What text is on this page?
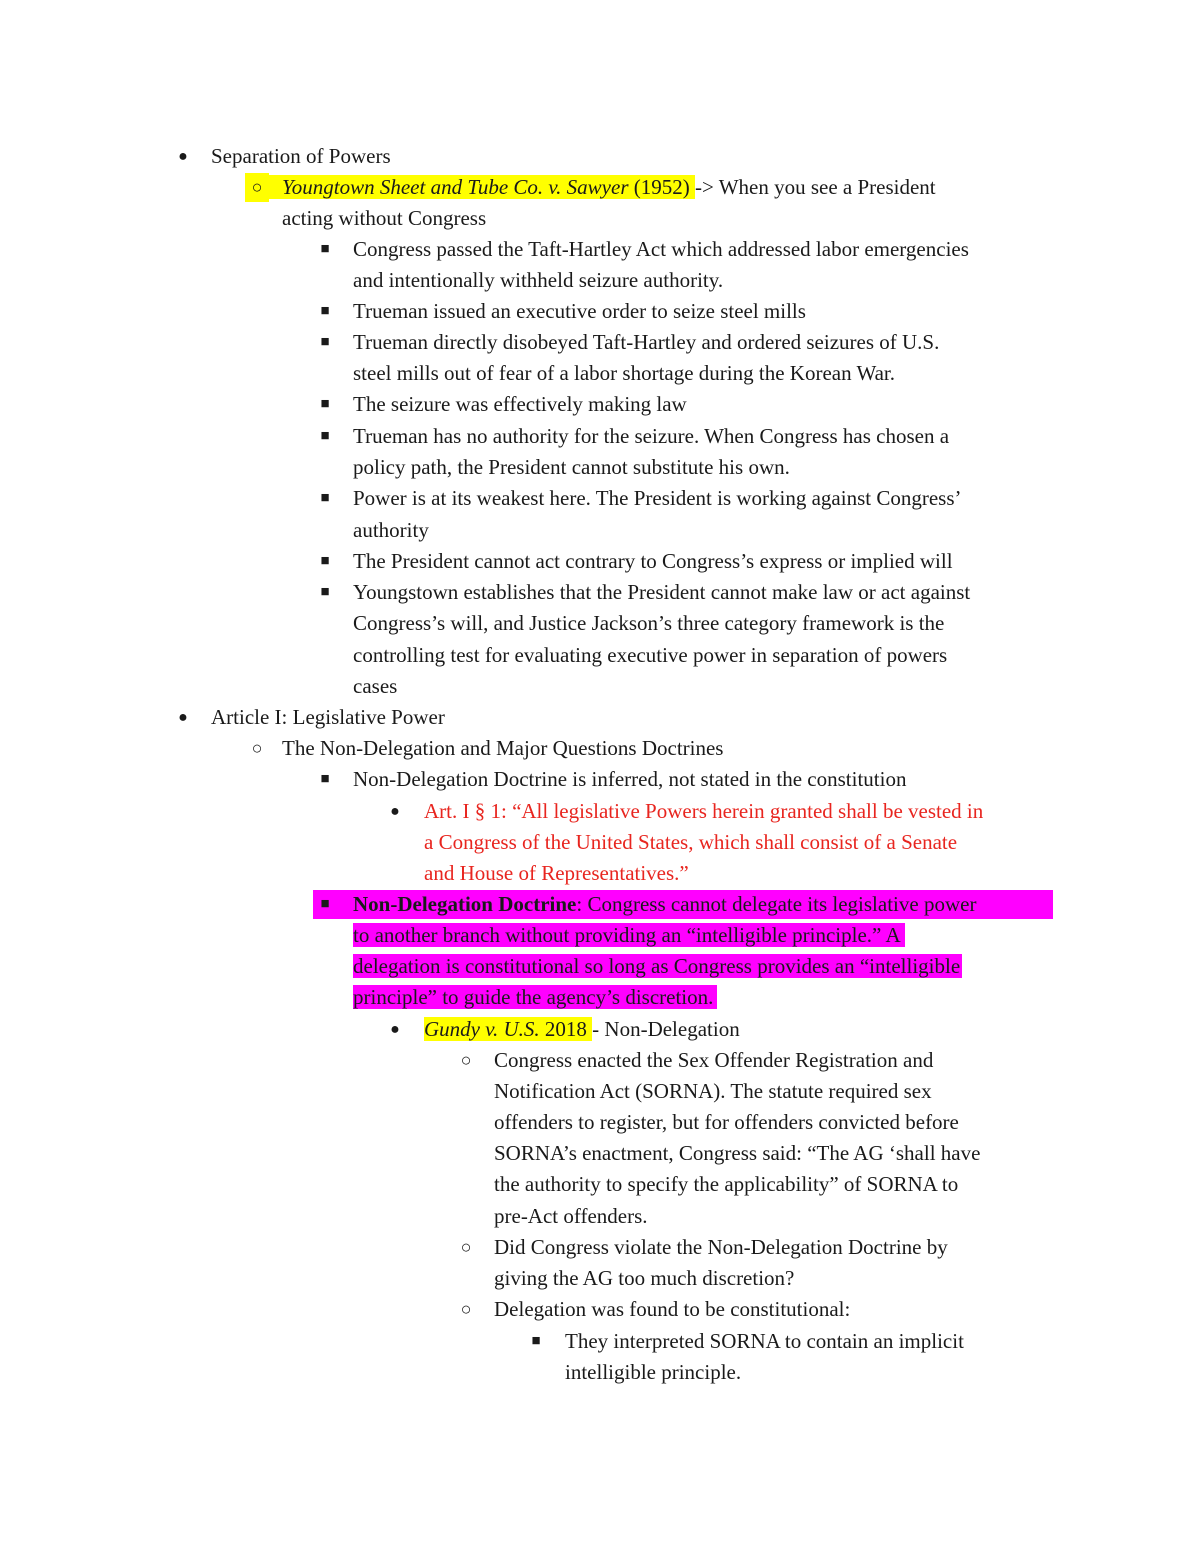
●	Separation of Powers
○ Youngtown Sheet and Tube Co. v. Sawyer (1952) -> When you see a President
acting without Congress
■	Congress passed the Taft-Hartley Act which addressed labor emergencies
and intentionally withheld seizure authority.
■	Trueman issued an executive order to seize steel mills
■	Trueman directly disobeyed Taft-Hartley and ordered seizures of U.S.
steel mills out of fear of a labor shortage during the Korean War.
■	The seizure was effectively making law
■	Trueman has no authority for the seizure. When Congress has chosen a
policy path, the President cannot substitute his own.
■	Power is at its weakest here. The President is working against Congress’
authority
■	The President cannot act contrary to Congress’s express or implied will
■	Youngstown establishes that the President cannot make law or act against
Congress’s will, and Justice Jackson’s three category framework is the
controlling test for evaluating executive power in separation of powers
cases
●	Article I: Legislative Power
○ The Non-Delegation and Major Questions Doctrines
■	Non-Delegation Doctrine is inferred, not stated in the constitution
●	Art. I § 1: “All legislative Powers herein granted shall be vested in
a Congress of the United States, which shall consist of a Senate
and House of Representatives.”
■	Non-Delegation Doctrine: Congress cannot delegate its legislative power
to another branch without providing an “intelligible principle.” A
delegation is constitutional so long as Congress provides an “intelligible
principle” to guide the agency’s discretion.
●	Gundy v. U.S. 2018 - Non-Delegation
○	Congress enacted the Sex Offender Registration and
Notification Act (SORNA). The statute required sex
offenders to register, but for offenders convicted before
SORNA’s enactment, Congress said: “The AG ‘shall have
the authority to specify the applicability” of SORNA to
pre-Act offenders.
○	Did Congress violate the Non-Delegation Doctrine by
giving the AG too much discretion?
○	Delegation was found to be constitutional:
■	They interpreted SORNA to contain an implicit
intelligible principle.
